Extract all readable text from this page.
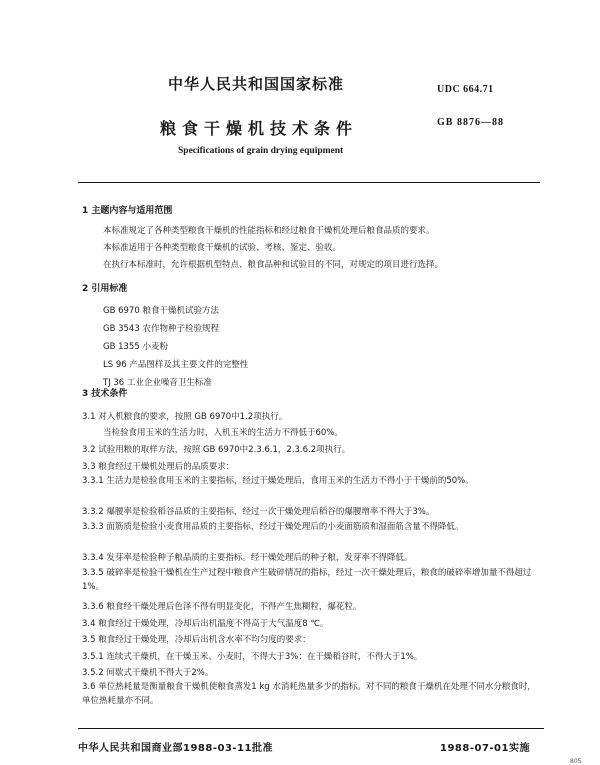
中华人民共和国国家标准	UDC 664.71
粮食干燥机技术条件	GB 8876—88
Specifications of grain drying equipment
1 主题内容与适用范围
本标准规定了各种类型粮食干燥机的性能指标和经过粮食干燥机处理后粮食品质的要求。
本标准适用于各种类型粮食干燥机的试验、考核、鉴定、验收。
在执行本标准时，允许根据机型特点、粮食品种和试验目的不同，对规定的项目进行选择。
2 引用标准
GB 6970 粮食干燥机试验方法
GB 3543 农作物种子检验规程
GB 1355 小麦粉
LS 96 产品图样及其主要文件的完整性
TJ 36 工业企业噪音卫生标准
3 技术条件
3.1 对入机粮食的要求，按照 GB 6970中1.2项执行。
当检验食用玉米的生活力时，入机玉米的生活力不得低于60%。
3.2 试验用粮的取样方法，按照 GB 6970中2.3.6.1，2.3.6.2项执行。
3.3 粮食经过干燥机处理后的品质要求：
3.3.1 生活力是检验食用玉米的主要指标，经过干燥处理后，食用玉米的生活力不得小于干燥前的50%。
3.3.2 爆腰率是检验稻谷品质的主要指标，经过一次干燥处理后稻谷的爆腰增率不得大于3%。
3.3.3 面筋质是检验小麦食用品质的主要指标，经过干燥处理后的小麦面筋质和湿面筋含量不得降低。
3.3.4 发芽率是检验种子粮品质的主要指标。经干燥处理后的种子粮，发芽率不得降低。
3.3.5 破碎率是检验干燥机在生产过程中粮食产生破碎情况的指标，经过一次干燥处理后，粮食的破碎率增加量不得超过1%。
3.3.6 粮食经干燥处理后色泽不得有明显变化，不得产生焦糊粒，爆花粒。
3.4 粮食经过干燥处理，冷却后出机温度不得高于大气温度8 ℃。
3.5 粮食经过干燥处理，冷却后出机含水率不均匀度的要求：
3.5.1 连续式干燥机，在干燥玉米、小麦时，不得大于3%；在干燥稻谷时，不得大于1%。
3.5.2 间歇式干燥机不得大于2%。
3.6 单位热耗量是衡量粮食干燥机使粮食蒸发1 kg 水消耗热量多少的指标。对不同的粮食干燥机在处理不同水分粮食时，单位热耗量亦不同。
中华人民共和国商业部1988-03-11批准	1988-07-01实施
805
